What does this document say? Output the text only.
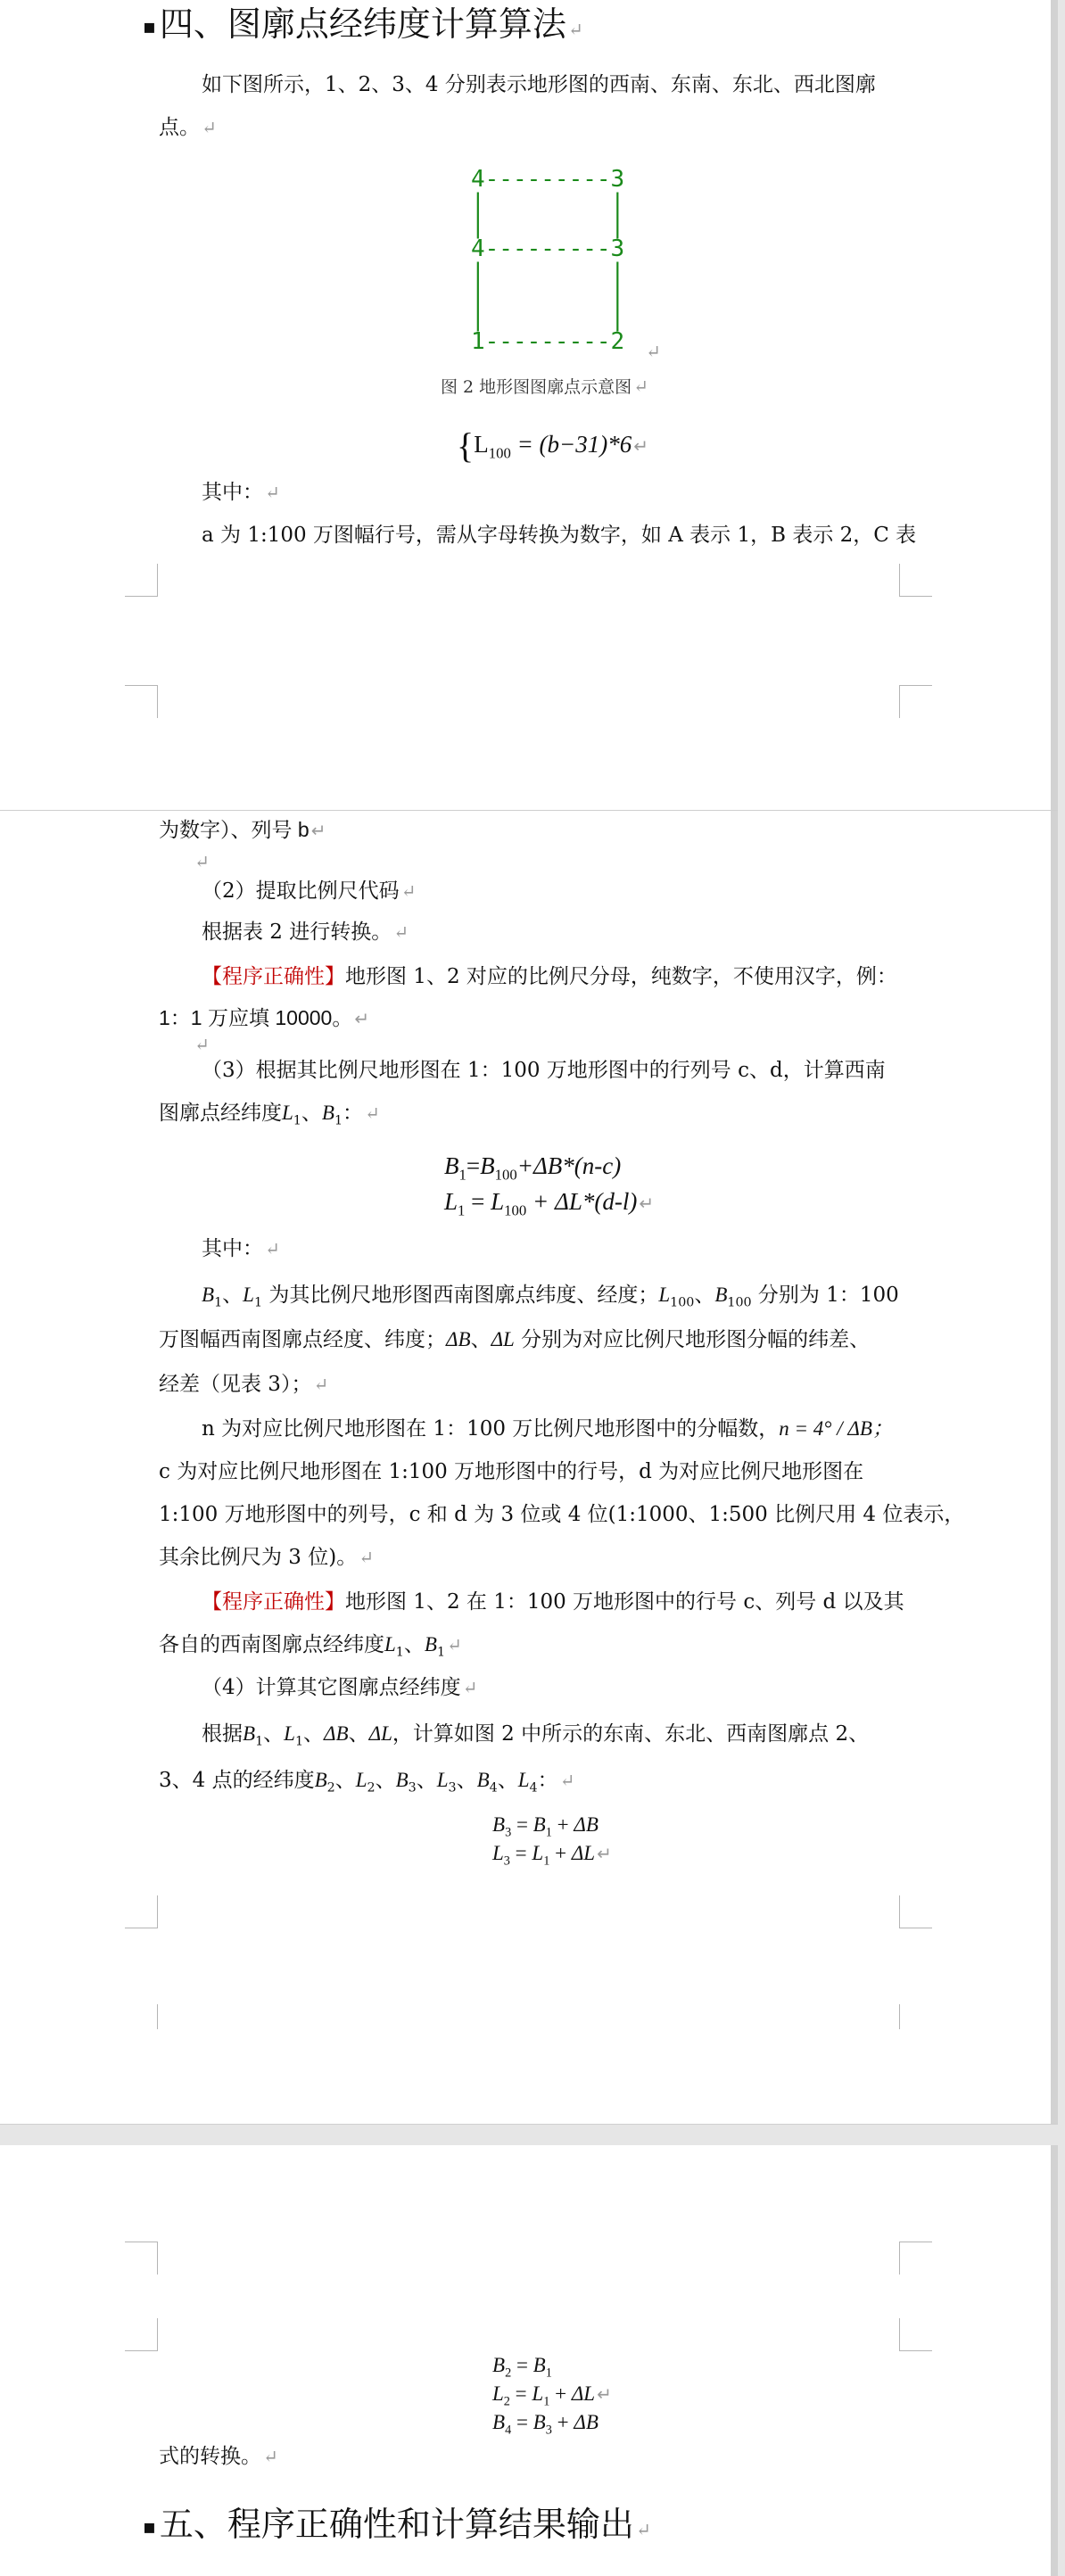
▪ 四、图廓点经纬度计算算法 ↵
如下图所示，1、2、3、4 分别表示地形图的西南、东南、东北、西北图廓
点。 ↵
4---------3
|         |
|         |
4---------3
|         |
|         |
|         |
1---------2 ↵
图 2 地形图图廓点示意图 ↵
{$L_{100} = (b-31)*6$ ↵
其中： ↵
a 为 1:100 万图幅行号，需从字母转换为数字，如 A 表示 1，B 表示 2，C 表
为数字）、列号 b ↵
↵
（2）提取比例尺代码 ↵
根据表 2 进行转换。 ↵
【程序正确性】地形图 1、2 对应的比例尺分母，纯数字，不使用汉字，例：
1：1 万应填 10000。 ↵
↵
（3）根据其比例尺地形图在 1：100 万地形图中的行列号 c、d，计算西南
图廓点经纬度$L_1$、$B_1$： ↵
$B_1=B_{100}+\Delta B*(n-c)$
$L_1 = L_{100} + \Delta L*(d-l)$ ↵
其中： ↵
$B_1$、$L_1$ 为其比例尺地形图西南图廓点纬度、经度；$L_{100}$、$B_{100}$ 分别为 1：100
万图幅西南图廓点经度、纬度；ΔB、ΔL 分别为对应比例尺地形图分幅的纬差、
经差（见表 3）； ↵
n 为对应比例尺地形图在 1：100 万比例尺地形图中的分幅数，n = 4° / ΔB；
c 为对应比例尺地形图在 1:100 万地形图中的行号，d 为对应比例尺地形图在
1:100 万地形图中的列号，c 和 d 为 3 位或 4 位(1:1000、1:500 比例尺用 4 位表示，
其余比例尺为 3 位)。 ↵
【程序正确性】地形图 1、2 在 1：100 万地形图中的行号 c、列号 d 以及其
各自的西南图廓点经纬度$L_1$、$B_1$ ↵
（4）计算其它图廓点经纬度 ↵
根据$B_1$、$L_1$、ΔB、ΔL，计算如图 2 中所示的东南、东北、西南图廓点 2、
3、4 点的经纬度$B_2$、$L_2$、$B_3$、$L_3$、$B_4$、$L_4$： ↵
$B_3 = B_1 + \Delta B$
$L_3 = L_1 + \Delta L$ ↵
$B_2 = B_1$
$L_2 = L_1 + \Delta L$ ↵
$B_4 = B_3 + \Delta B$
式的转换。 ↵
▪ 五、程序正确性和计算结果输出 ↵
